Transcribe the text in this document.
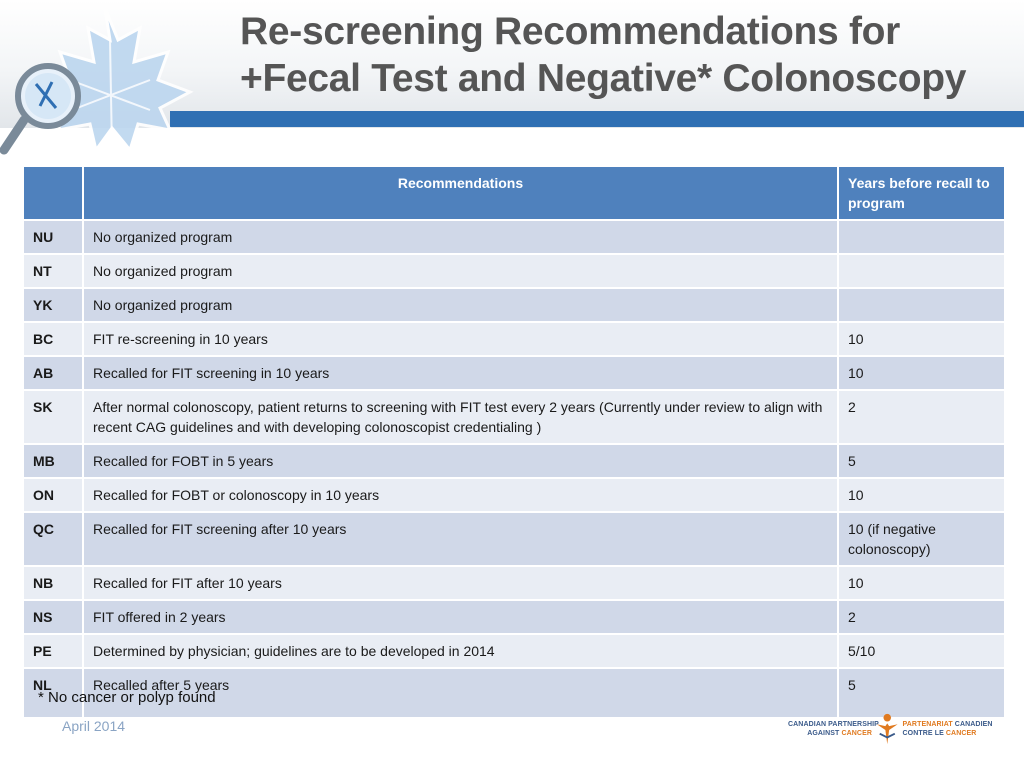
Re-screening Recommendations for
+Fecal Test and Negative* Colonoscopy
	Recommendations	Years before recall to program
NU	No organized program	
NT	No organized program	
YK	No organized program	
BC	FIT re-screening in 10 years	10
AB	Recalled for FIT screening in 10 years	10
SK	After normal colonoscopy, patient returns to screening with FIT test every 2 years (Currently under review to align with recent CAG guidelines and with developing colonoscopist credentialing )	2
MB	Recalled for FOBT in 5 years	5
ON	Recalled for FOBT or colonoscopy in 10 years	10
QC	Recalled for FIT screening after 10 years	10 (if negative colonoscopy)
NB	Recalled for FIT after 10 years	10
NS	FIT offered in 2 years	2
PE	Determined by physician; guidelines are to be developed in 2014	5/10
NL	Recalled after 5 years	5
* No cancer or polyp found
April 2014	CANADIAN PARTNERSHIP
AGAINST CANCER
PARTENARIAT CANADIEN
CONTRE LE CANCER
